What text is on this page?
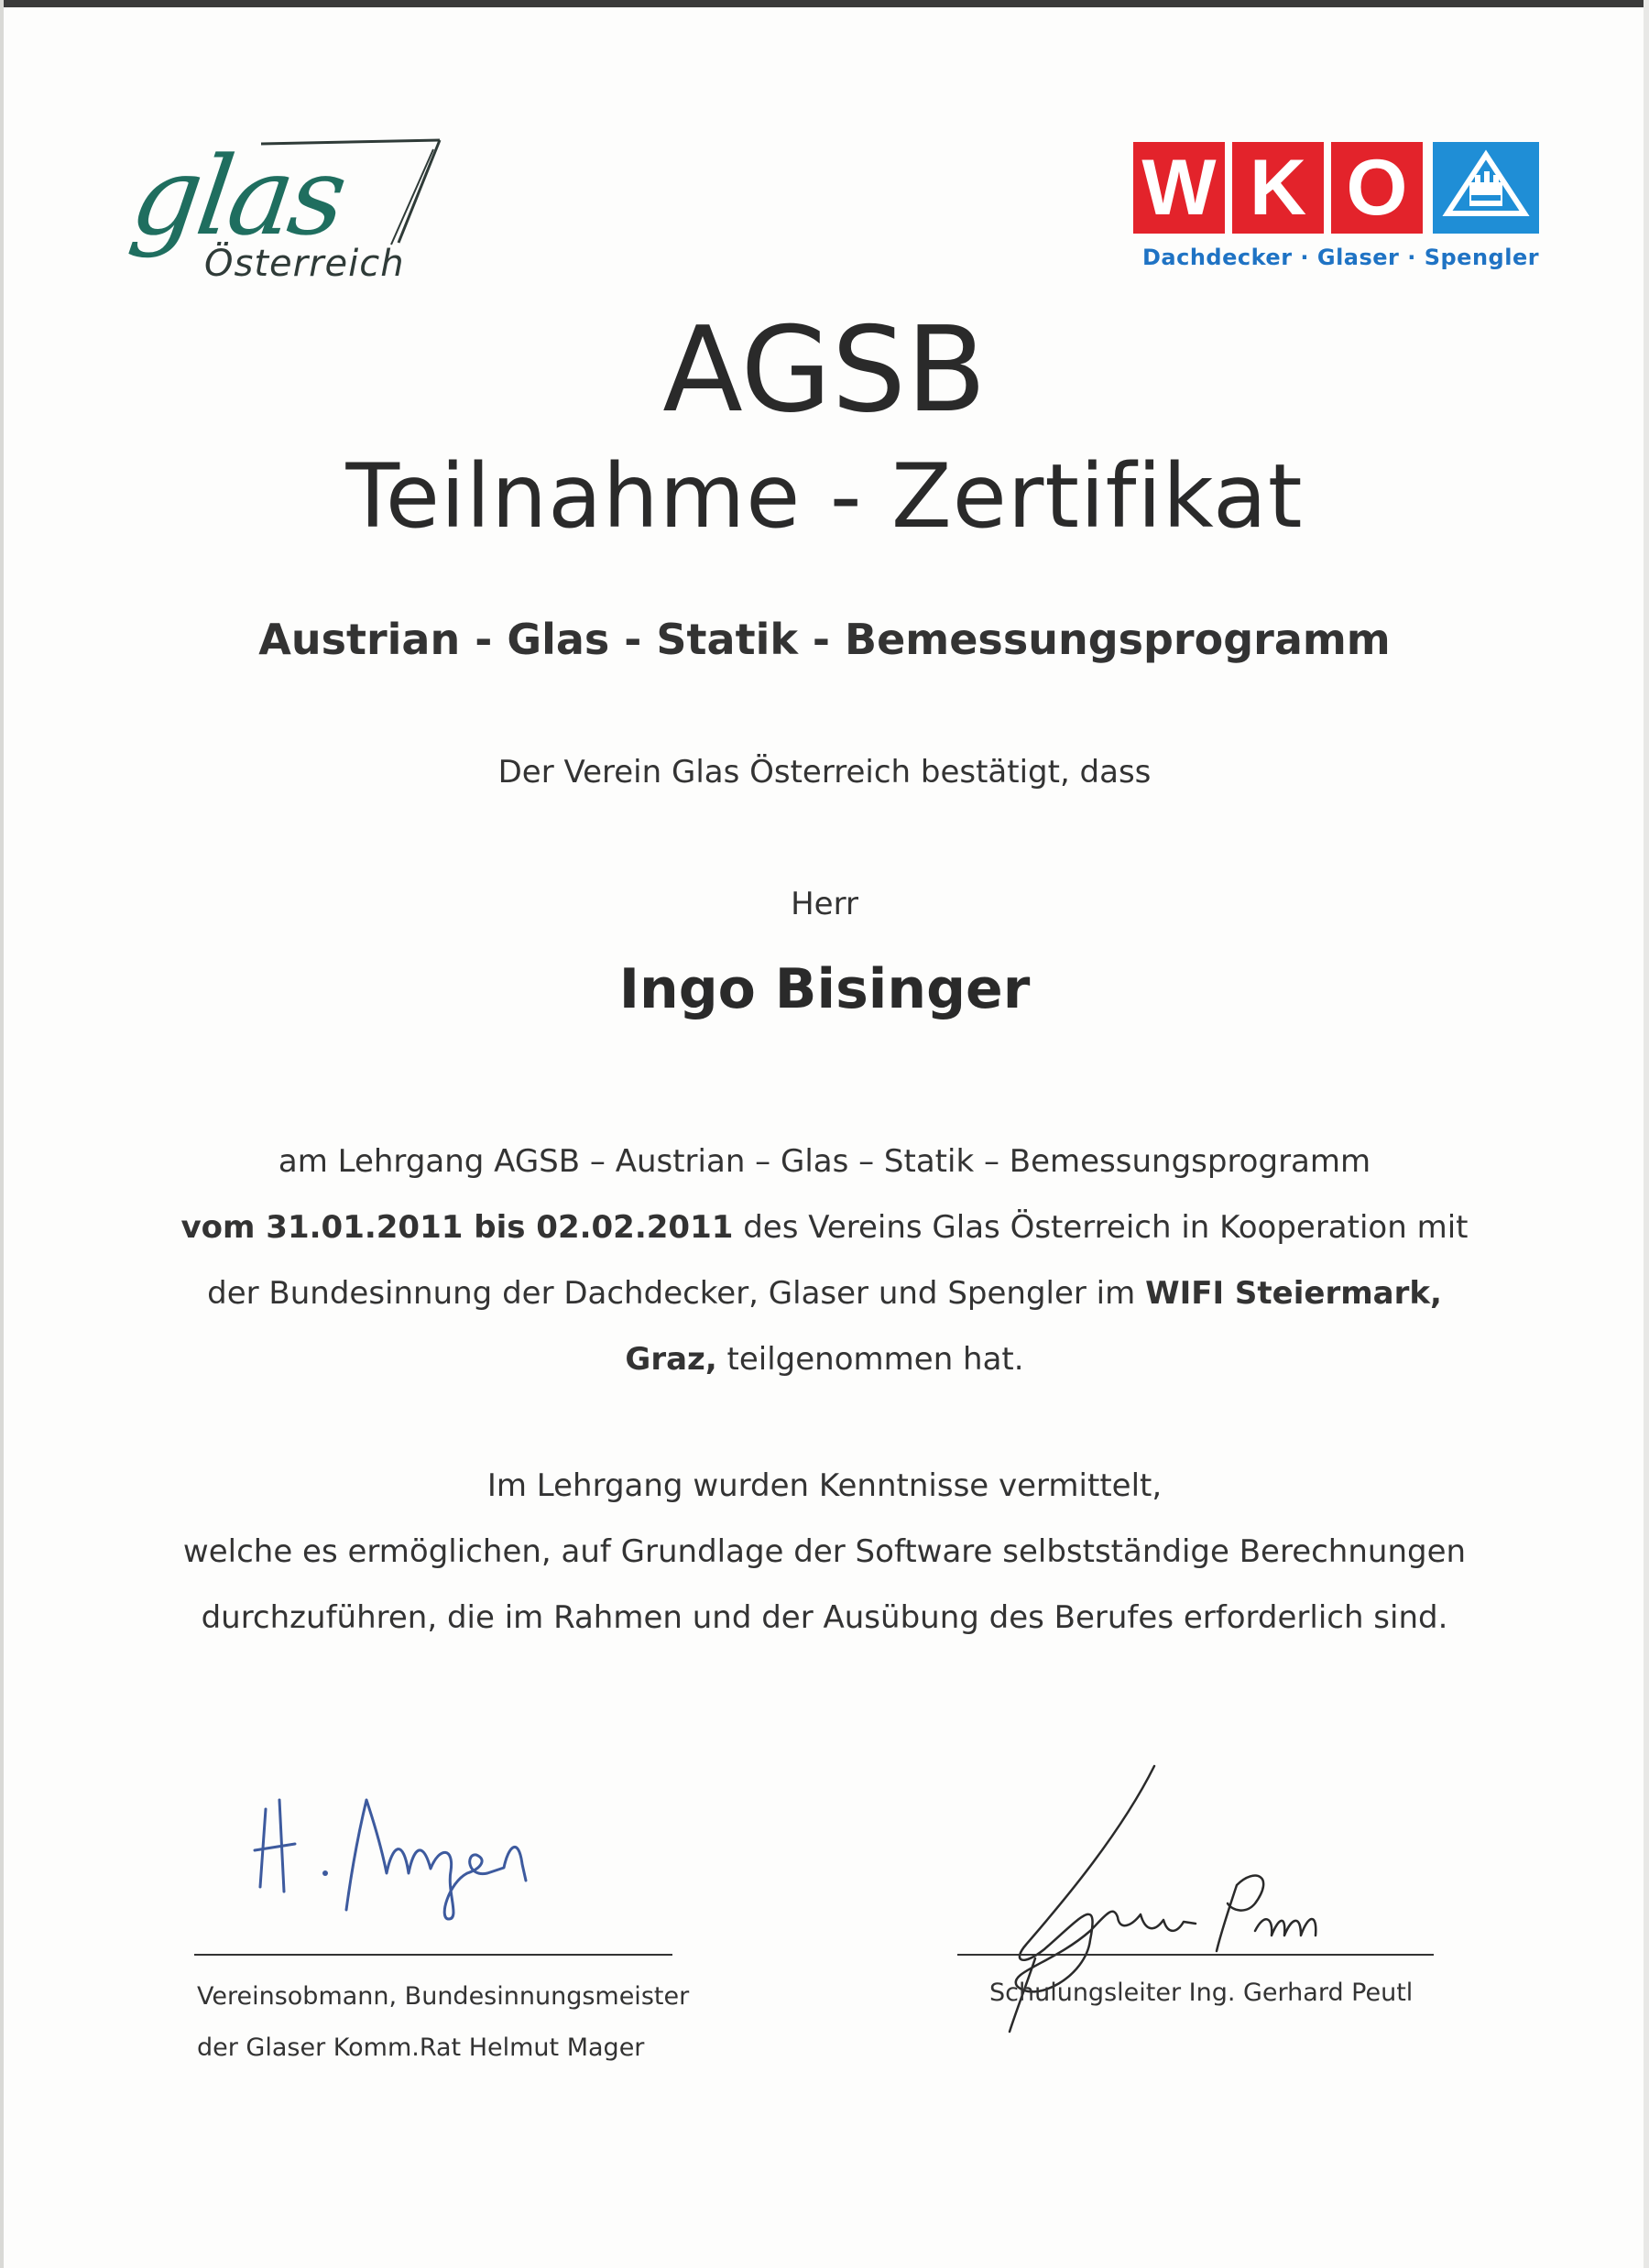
glas
Österreich
W K O
Dachdecker · Glaser · Spengler
AGSB
Teilnahme - Zertifikat
Austrian - Glas - Statik - Bemessungsprogramm
Der Verein Glas Österreich bestätigt, dass
Herr
Ingo Bisinger
am Lehrgang AGSB – Austrian – Glas – Statik – Bemessungsprogramm
vom 31.01.2011 bis 02.02.2011 des Vereins Glas Österreich in Kooperation mit
der Bundesinnung der Dachdecker, Glaser und Spengler im WIFI Steiermark,
Graz, teilgenommen hat.
Im Lehrgang wurden Kenntnisse vermittelt,
welche es ermöglichen, auf Grundlage der Software selbstständige Berechnungen
durchzuführen, die im Rahmen und der Ausübung des Berufes erforderlich sind.
Vereinsobmann, Bundesinnungsmeister
der Glaser Komm.Rat Helmut Mager
Schulungsleiter Ing. Gerhard Peutl
